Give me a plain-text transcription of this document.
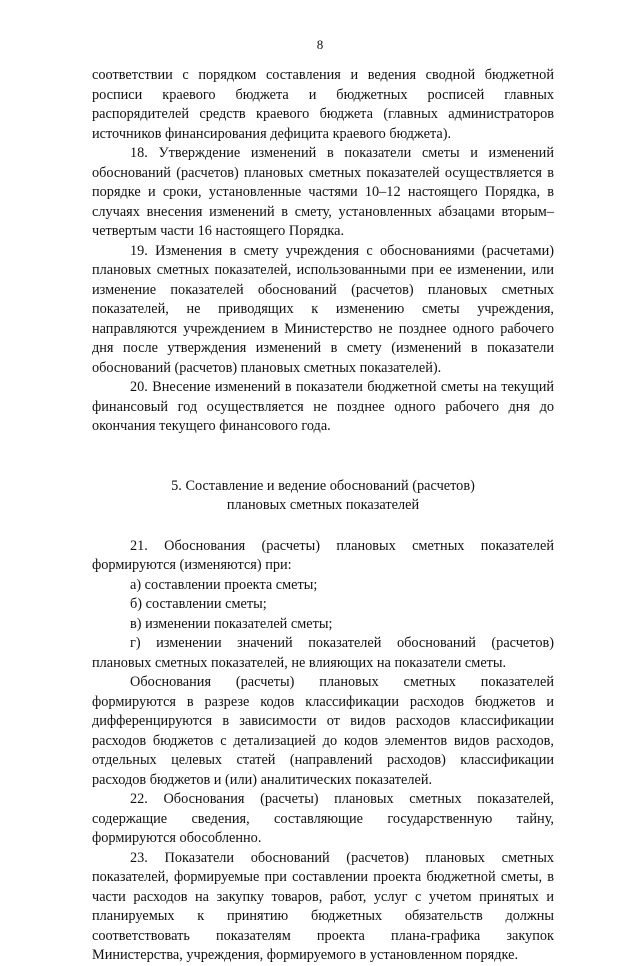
8

соответствии с порядком составления и ведения сводной бюджетной росписи краевого бюджета и бюджетных росписей главных распорядителей средств краевого бюджета (главных администраторов источников финансирования дефицита краевого бюджета).

18. Утверждение изменений в показатели сметы и изменений обоснований (расчетов) плановых сметных показателей осуществляется в порядке и сроки, установленные частями 10–12 настоящего Порядка, в случаях внесения изменений в смету, установленных абзацами вторым–четвертым части 16 настоящего Порядка.

19. Изменения в смету учреждения с обоснованиями (расчетами) плановых сметных показателей, использованными при ее изменении, или изменение показателей обоснований (расчетов) плановых сметных показателей, не приводящих к изменению сметы учреждения, направляются учреждением в Министерство не позднее одного рабочего дня после утверждения изменений в смету (изменений в показатели обоснований (расчетов) плановых сметных показателей).

20. Внесение изменений в показатели бюджетной сметы на текущий финансовый год осуществляется не позднее одного рабочего дня до окончания текущего финансового года.

5. Составление и ведение обоснований (расчетов)
плановых сметных показателей

21. Обоснования (расчеты) плановых сметных показателей формируются (изменяются) при:

а) составлении проекта сметы;

б) составлении сметы;

в) изменении показателей сметы;

г) изменении значений показателей обоснований (расчетов) плановых сметных показателей, не влияющих на показатели сметы.

Обоснования (расчеты) плановых сметных показателей формируются в разрезе кодов классификации расходов бюджетов и дифференцируются в зависимости от видов расходов классификации расходов бюджетов с детализацией до кодов элементов видов расходов, отдельных целевых статей (направлений расходов) классификации расходов бюджетов и (или) аналитических показателей.

22. Обоснования (расчеты) плановых сметных показателей, содержащие сведения, составляющие государственную тайну, формируются обособленно.

23. Показатели обоснований (расчетов) плановых сметных показателей, формируемые при составлении проекта бюджетной сметы, в части расходов на закупку товаров, работ, услуг с учетом принятых и планируемых к принятию бюджетных обязательств должны соответствовать показателям проекта плана-графика закупок Министерства, учреждения, формируемого в установленном порядке.
